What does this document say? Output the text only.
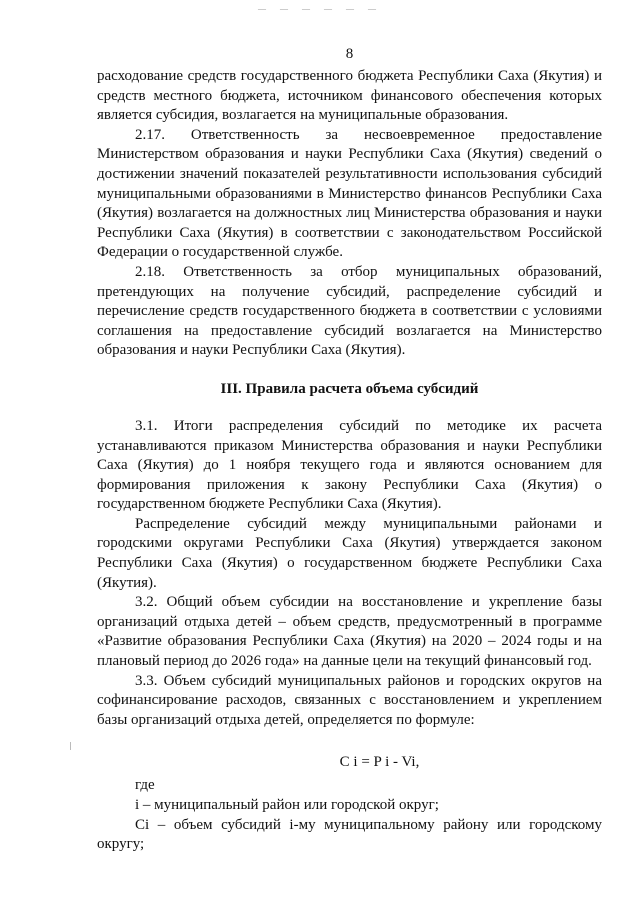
— — — — — —
8

расходование средств государственного бюджета Республики Саха (Якутия) и средств местного бюджета, источником финансового обеспечения которых является субсидия, возлагается на муниципальные образования.

2.17. Ответственность за несвоевременное предоставление Министерством образования и науки Республики Саха (Якутия) сведений о достижении значений показателей результативности использования субсидий муниципальными образованиями в Министерство финансов Республики Саха (Якутия) возлагается на должностных лиц Министерства образования и науки Республики Саха (Якутия) в соответствии с законодательством Российской Федерации о государственной службе.

2.18. Ответственность за отбор муниципальных образований, претендующих на получение субсидий, распределение субсидий и перечисление средств государственного бюджета в соответствии с условиями соглашения на предоставление субсидий возлагается на Министерство образования и науки Республики Саха (Якутия).

III. Правила расчета объема субсидий

3.1. Итоги распределения субсидий по методике их расчета устанавливаются приказом Министерства образования и науки Республики Саха (Якутия) до 1 ноября текущего года и являются основанием для формирования приложения к закону Республики Саха (Якутия) о государственном бюджете Республики Саха (Якутия).

Распределение субсидий между муниципальными районами и городскими округами Республики Саха (Якутия) утверждается законом Республики Саха (Якутия) о государственном бюджете Республики Саха (Якутия).

3.2. Общий объем субсидии на восстановление и укрепление базы организаций отдыха детей – объем средств, предусмотренный в программе «Развитие образования Республики Саха (Якутия) на 2020 – 2024 годы и на плановый период до 2026 года» на данные цели на текущий финансовый год.

3.3. Объем субсидий муниципальных районов и городских округов на софинансирование расходов, связанных с восстановлением и укреплением базы организаций отдыха детей, определяется по формуле:

C i = P i - Vi,

где

i – муниципальный район или городской округ;

Ci – объем субсидий i-му муниципальному району или городскому округу;
